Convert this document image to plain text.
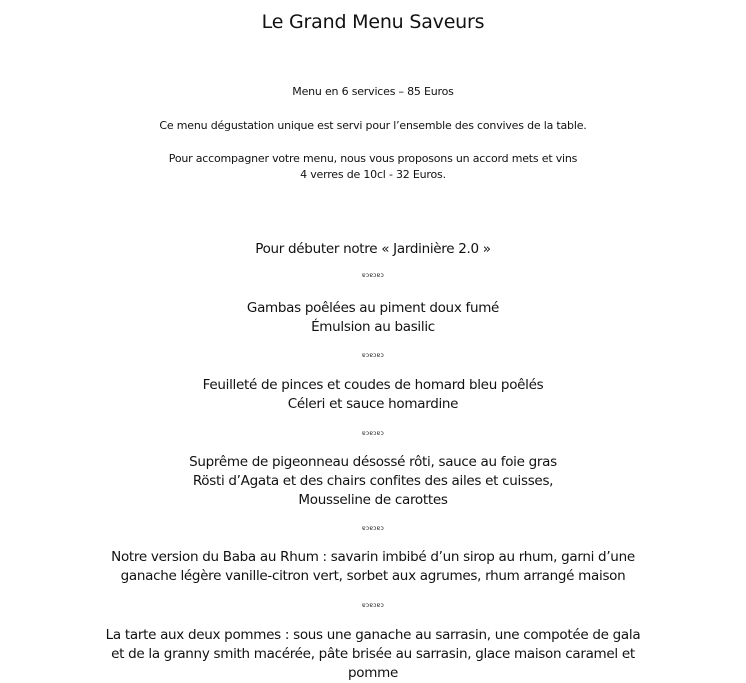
Le Grand Menu Saveurs
Menu en 6 services – 85 Euros
Ce menu dégustation unique est servi pour l’ensemble des convives de la table.
Pour accompagner votre menu, nous vous proposons un accord mets et vins
4 verres de 10cl - 32 Euros.
Pour débuter notre « Jardinière 2.0 »
ɐɔɐɔɐɔ
Gambas poêlées au piment doux fumé
Émulsion au basilic
ɐɔɐɔɐɔ
Feuilleté de pinces et coudes de homard bleu poêlés
Céleri et sauce homardine
ɐɔɐɔɐɔ
Suprême de pigeonneau désossé rôti, sauce au foie gras
Rösti d’Agata et des chairs confites des ailes et cuisses,
Mousseline de carottes
ɐɔɐɔɐɔ
Notre version du Baba au Rhum : savarin imbibé d’un sirop au rhum, garni d’une
ganache légère vanille-citron vert, sorbet aux agrumes, rhum arrangé maison
ɐɔɐɔɐɔ
La tarte aux deux pommes : sous une ganache au sarrasin, une compotée de gala
et de la granny smith macérée, pâte brisée au sarrasin, glace maison caramel et
pomme
